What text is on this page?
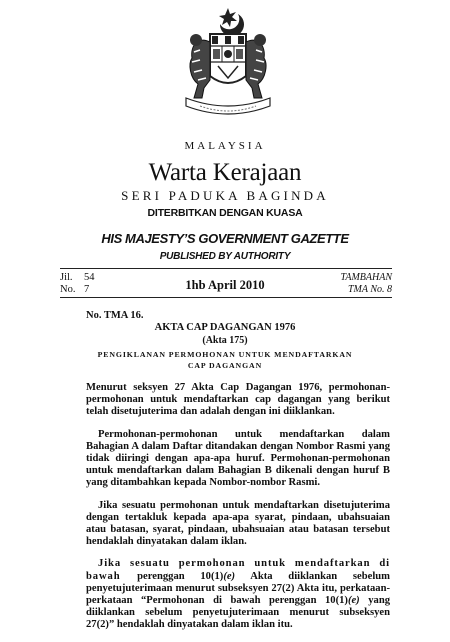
MALAYSIA
Warta Kerajaan
SERI PADUKA BAGINDA
DITERBITKAN DENGAN KUASA
HIS MAJESTY’S GOVERNMENT GAZETTE
PUBLISHED BY AUTHORITY
Jil. 54
No. 7	1hb April 2010
TAMBAHAN
TMA No. 8
No. TMA 16.
AKTA CAP DAGANGAN 1976
(Akta 175)
PENGIKLANAN PERMOHONAN UNTUK MENDAFTARKAN
CAP DAGANGAN

Menurut seksyen 27 Akta Cap Dagangan 1976, permohonan-permohonan untuk mendaftarkan cap dagangan yang berikut telah disetujuterima dan adalah dengan ini diiklankan.

Permohonan-permohonan untuk mendaftarkan dalam Bahagian A dalam Daftar ditandakan dengan Nombor Rasmi yang tidak diiringi dengan apa-apa huruf. Permohonan-permohonan untuk mendaftarkan dalam Bahagian B dikenali dengan huruf B yang ditambahkan kepada Nombor-nombor Rasmi.

Jika sesuatu permohonan untuk mendaftarkan disetujuterima dengan tertakluk kepada apa-apa syarat, pindaan, ubahsuaian atau batasan, syarat, pindaan, ubahsuaian atau batasan tersebut hendaklah dinyatakan dalam iklan.

Jika sesuatu permohonan untuk mendaftarkan di bawah perenggan 10(1)(e) Akta diiklankan sebelum penyetujuterimaan menurut subseksyen 27(2) Akta itu, perkataan-perkataan “Permohonan di bawah perenggan 10(1)(e) yang diiklankan sebelum penyetujuterimaan menurut subseksyen 27(2)” hendaklah dinyatakan dalam iklan itu.
